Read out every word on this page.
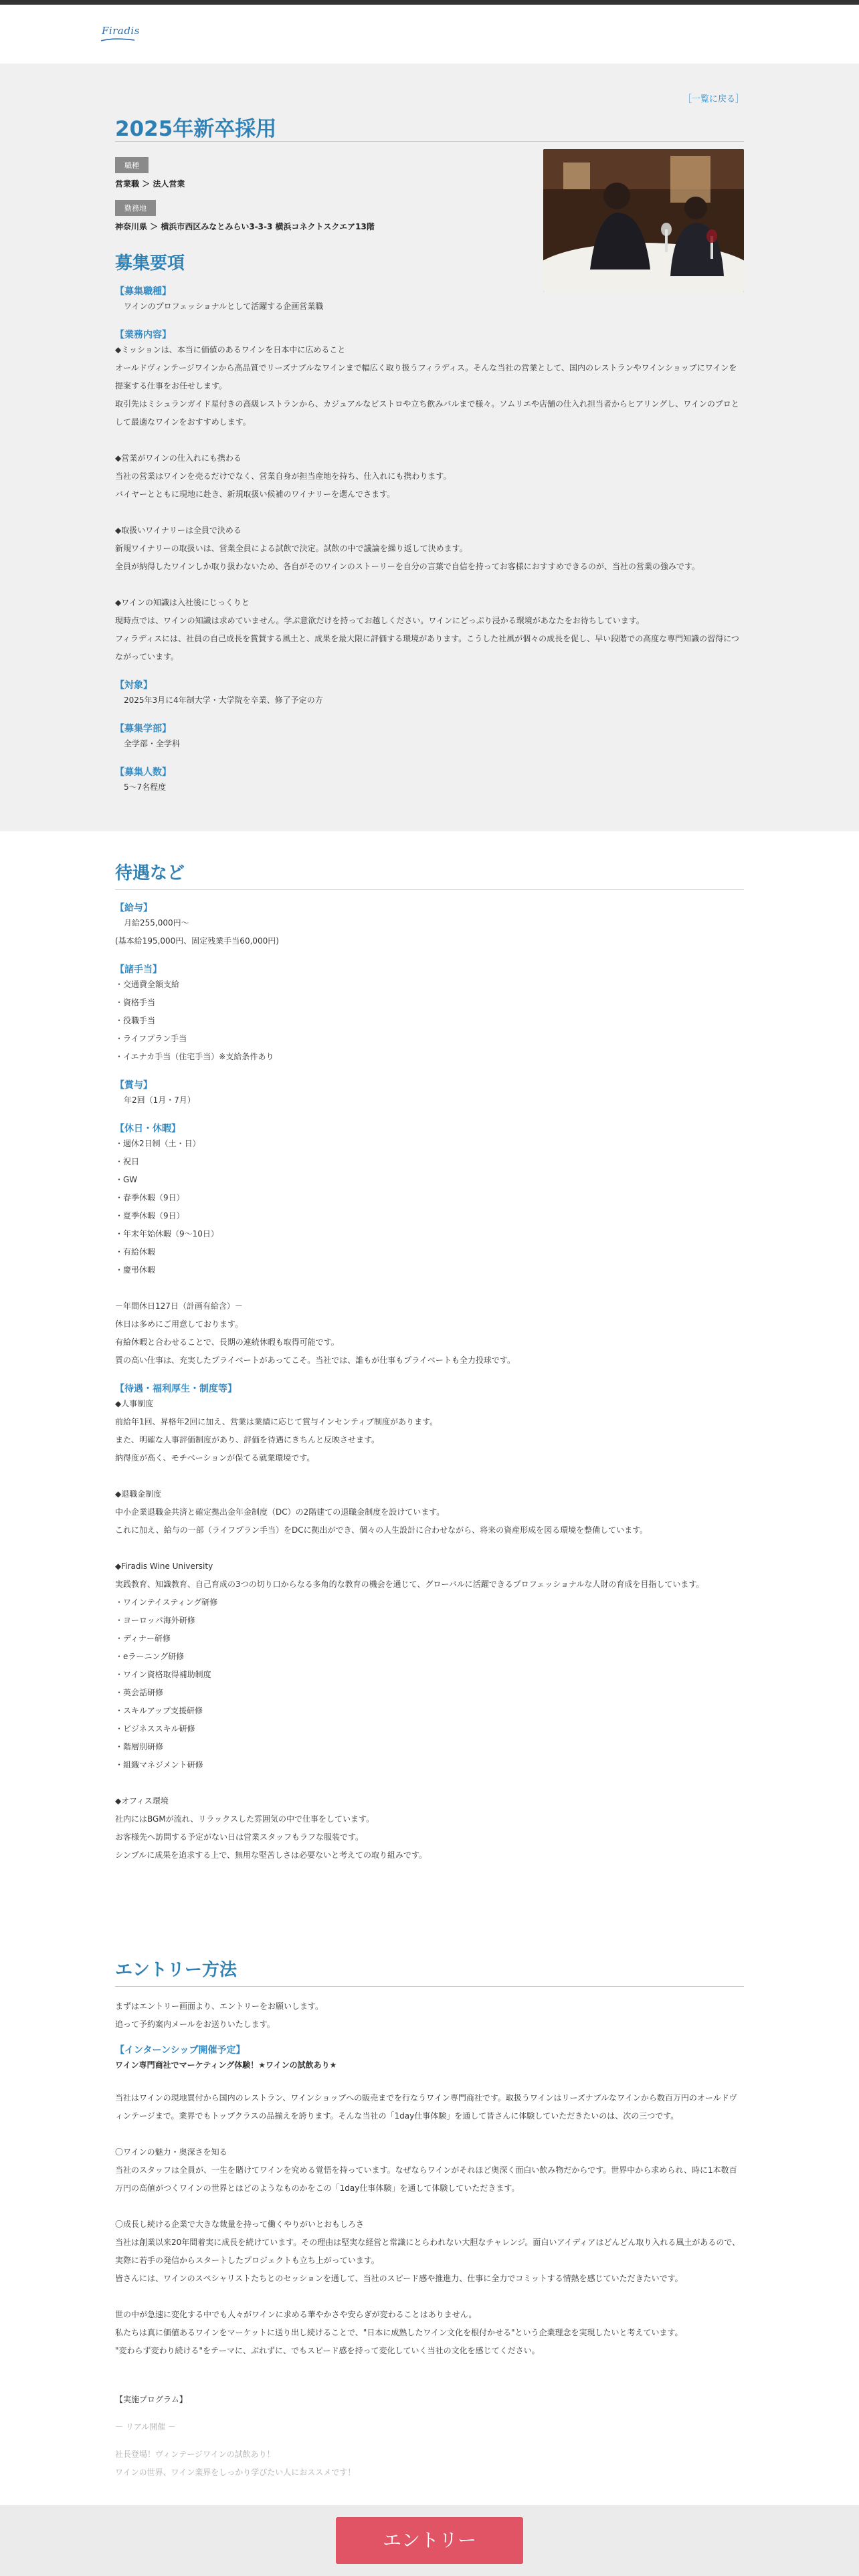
Firadis
［一覧に戻る］
2025年新卒採用
職種
営業職 ＞ 法人営業
勤務地
神奈川県 ＞ 横浜市西区みなとみらい3-3-3 横浜コネクトスクエア13階
募集要項
【募集職種】
ワインのプロフェッショナルとして活躍する企画営業職
【業務内容】
◆ミッションは、本当に価値のあるワインを日本中に広めること
オールドヴィンテージワインから高品質でリーズナブルなワインまで幅広く取り扱うフィラディス。そんな当社の営業として、国内のレストランやワインショップにワインを提案する仕事をお任せします。
取引先はミシュランガイド星付きの高級レストランから、カジュアルなビストロや立ち飲みバルまで様々。ソムリエや店舗の仕入れ担当者からヒアリングし、ワインのプロとして最適なワインをおすすめします。

◆営業がワインの仕入れにも携わる
当社の営業はワインを売るだけでなく、営業自身が担当産地を持ち、仕入れにも携わります。
バイヤーとともに現地に赴き、新規取扱い候補のワイナリーを選んでさます。

◆取扱いワイナリーは全員で決める
新規ワイナリーの取扱いは、営業全員による試飲で決定。試飲の中で議論を繰り返して決めます。
全員が納得したワインしか取り扱わないため、各自がそのワインのストーリーを自分の言葉で自信を持ってお客様におすすめできるのが、当社の営業の強みです。

◆ワインの知識は入社後にじっくりと
現時点では、ワインの知識は求めていません。学ぶ意欲だけを持ってお越しください。ワインにどっぷり浸かる環境があなたをお待ちしています。
フィラディスには、社員の自己成長を賞賛する風土と、成果を最大限に評価する環境があります。こうした社風が個々の成長を促し、早い段階での高度な専門知識の習得につながっています。
【対象】
2025年3月に4年制大学・大学院を卒業、修了予定の方
【募集学部】
全学部・全学科
【募集人数】
5～7名程度
待遇など
【給与】
月給255,000円～
(基本給195,000円、固定残業手当60,000円)
【諸手当】
・交通費全額支給
・資格手当
・役職手当
・ライフプラン手当
・イエナカ手当（住宅手当）※支給条件あり
【賞与】
年2回（1月・7月）
【休日・休暇】
・週休2日制（土・日）
・祝日
・GW
・春季休暇（9日）
・夏季休暇（9日）
・年末年始休暇（9～10日）
・有給休暇
・慶弔休暇

－年間休日127日（計画有給含）－
休日は多めにご用意しております。
有給休暇と合わせることで、長期の連続休暇も取得可能です。
質の高い仕事は、充実したプライベートがあってこそ。当社では、誰もが仕事もプライベートも全力投球です。
【待遇・福利厚生・制度等】
◆人事制度
前給年1回、昇格年2回に加え、営業は業績に応じて賞与インセンティブ制度があります。
また、明確な人事評価制度があり、評価を待遇にきちんと反映させます。
納得度が高く、モチベーションが保てる就業環境です。

◆退職金制度
中小企業退職金共済と確定拠出金年金制度（DC）の2階建ての退職金制度を設けています。
これに加え、給与の一部（ライフプラン手当）をDCに拠出ができ、個々の人生設計に合わせながら、将来の資産形成を図る環境を整備しています。

◆Firadis Wine University
実践教育、知識教育、自己育成の3つの切り口からなる多角的な教育の機会を通じて、グローバルに活躍できるプロフェッショナルな人財の育成を目指しています。
・ワインテイスティング研修
・ヨーロッパ海外研修
・ディナー研修
・eラーニング研修
・ワイン資格取得補助制度
・英会話研修
・スキルアップ支援研修
・ビジネススキル研修
・階層別研修
・組織マネジメント研修

◆オフィス環境
社内にはBGMが流れ、リラックスした雰囲気の中で仕事をしています。
お客様先へ訪問する予定がない日は営業スタッフもラフな服装です。
シンプルに成果を追求する上で、無用な堅苦しさは必要ないと考えての取り組みです。
エントリー方法
まずはエントリー画面より、エントリーをお願いします。
追って予約案内メールをお送りいたします。
【インターンシップ開催予定】
ワイン専門商社でマーケティング体験！★ワインの試飲あり★
当社はワインの現地買付から国内のレストラン、ワインショップへの販売までを行なうワイン専門商社です。取扱うワインはリーズナブルなワインから数百万円のオールドヴィンテージまで。業界でもトップクラスの品揃えを誇ります。そんな当社の「1day仕事体験」を通して皆さんに体験していただきたいのは、次の三つです。

〇ワインの魅力・奥深さを知る
当社のスタッフは全員が、一生を賭けてワインを究める覚悟を持っています。なぜならワインがそれほど奥深く面白い飲み物だからです。世界中から求められ、時に1本数百万円の高値がつくワインの世界とはどのようなものかをこの「1day仕事体験」を通して体験していただきます。

〇成長し続ける企業で大きな裁量を持って働くやりがいとおもしろさ
当社は創業以来20年間着実に成長を続けています。その理由は堅実な経営と常識にとらわれない大胆なチャレンジ。面白いアイディアはどんどん取り入れる風土があるので、実際に若手の発信からスタートしたプロジェクトも立ち上がっています。
皆さんには、ワインのスペシャリストたちとのセッションを通して、当社のスピード感や推進力、仕事に全力でコミットする情熱を感じていただきたいです。

世の中が急速に変化する中でも人々がワインに求める華やかさや安らぎが変わることはありません。
私たちは真に価値あるワインをマーケットに送り出し続けることで、"日本に成熟したワイン文化を根付かせる"という企業理念を実現したいと考えています。
"変わらず変わり続ける"をテーマに、ぶれずに、でもスピード感を持って変化していく当社の文化を感じてください。
【実施プログラム】
－ リアル開催 －
社長登場！ヴィンテージワインの試飲あり！
ワインの世界、ワイン業界をしっかり学びたい人におススメです！
エントリー
